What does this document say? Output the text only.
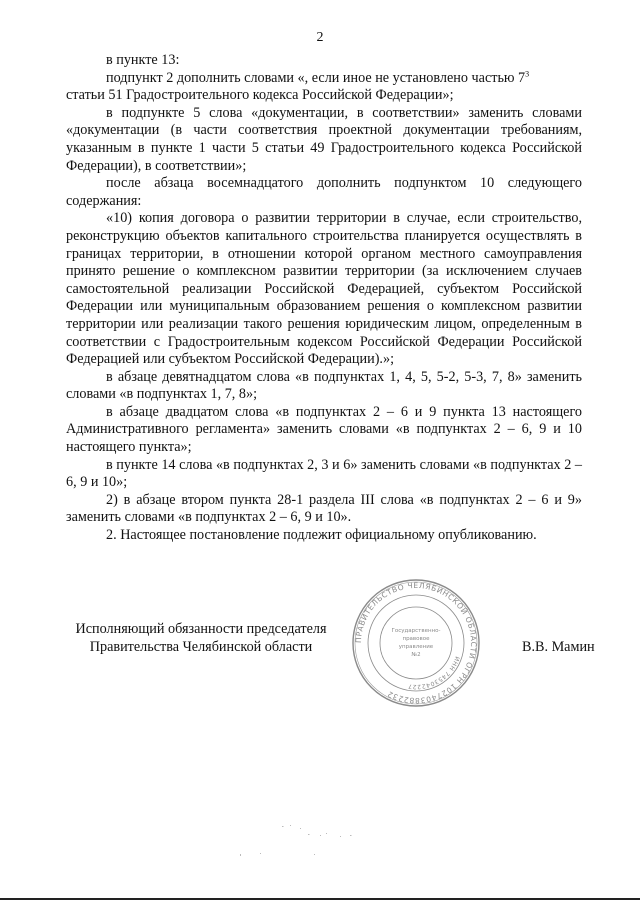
2

в пункте 13:

подпункт 2 дополнить словами «, если иное не установлено частью $7^3$

статьи 51 Градостроительного кодекса Российской Федерации»;

в подпункте 5 слова «документации, в соответствии» заменить словами «документации (в части соответствия проектной документации требованиям, указанным в пункте 1 части 5 статьи 49 Градостроительного кодекса Российской Федерации), в соответствии»;

после абзаца восемнадцатого дополнить подпунктом 10 следующего содержания:

«10) копия договора о развитии территории в случае, если строительство, реконструкцию объектов капитального строительства планируется осуществлять в границах территории, в отношении которой органом местного самоуправления принято решение о комплексном развитии территории (за исключением случаев самостоятельной реализации Российской Федерацией, субъектом Российской Федерации или муниципальным образованием решения о комплексном развитии территории или реализации такого решения юридическим лицом, определенным в соответствии с Градостроительным кодексом Российской Федерации Российской Федерацией или субъектом Российской Федерации).»;

в абзаце девятнадцатом слова «в подпунктах 1, 4, 5, 5-2, 5-3, 7, 8» заменить словами «в подпунктах 1, 7, 8»;

в абзаце двадцатом слова «в подпунктах 2 – 6 и 9 пункта 13 настоящего Административного регламента» заменить словами «в подпунктах 2 – 6, 9 и 10 настоящего пункта»;

в пункте 14 слова «в подпунктах 2, 3 и 6» заменить словами «в подпунктах 2 – 6, 9 и 10»;

2) в абзаце втором пункта 28-1 раздела III слова «в подпунктах 2 – 6 и 9» заменить словами «в подпунктах 2 – 6, 9 и 10».

2. Настоящее постановление подлежит официальному опубликованию.

Исполняющий обязанности председателя
Правительства Челябинской области	В.В. Мамин
ПРАВИТЕЛЬСТВО ЧЕЛЯБИНСКОЙ ОБЛАСТИ ОГРН 1027403882232
ИНН 7453042227
Государственно-
правовое
управление
№2
